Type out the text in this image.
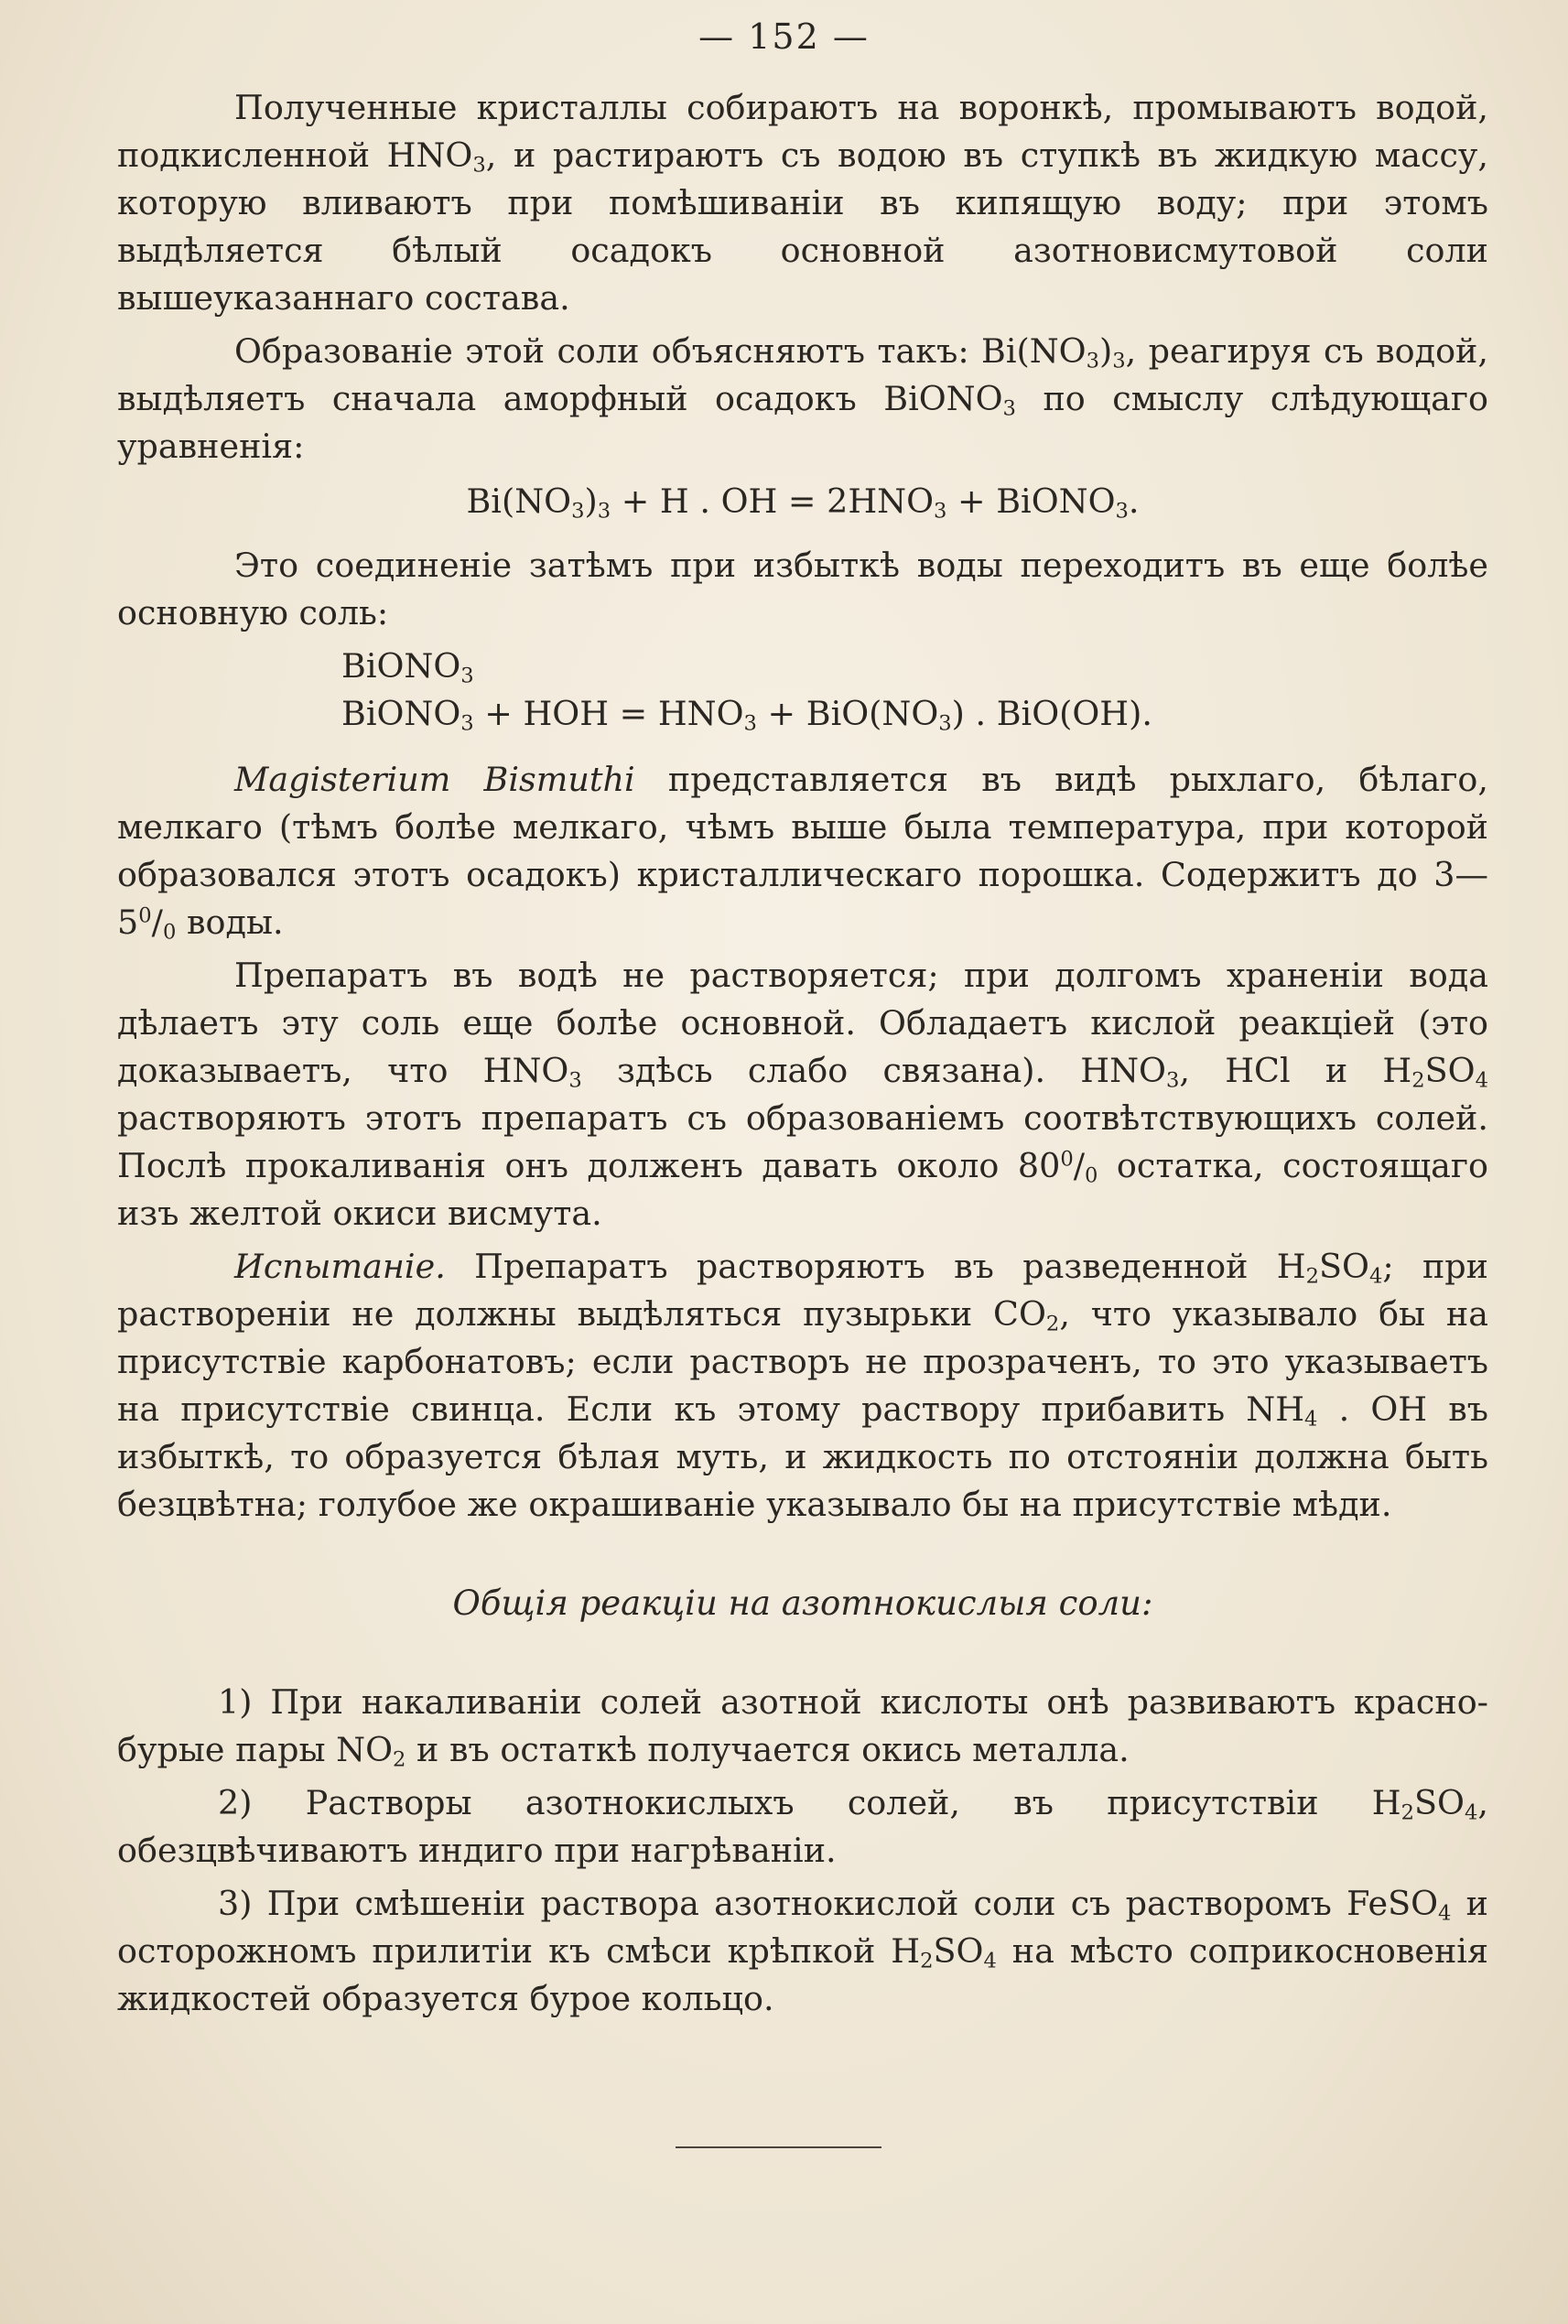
— 152 —

Полученные кристаллы собираютъ на воронкѣ, промываютъ водой, подкисленной $HNO_3$, и растираютъ съ водою въ ступкѣ въ жидкую массу, которую вливаютъ при помѣшиваніи въ кипящую воду; при этомъ выдѣляется бѣлый осадокъ основной азотновисмутовой соли вышеуказаннаго состава.

Образованіе этой соли объясняютъ такъ: $Bi(NO_3)_3$, реагируя съ водой, выдѣляетъ сначала аморфный осадокъ BiONO$_3$ по смыслу слѣдующаго уравненія:

$Bi(NO_3)_3 + H$ . OH = $2HNO_3$ + BiONO$_3$.

Это соединеніе затѣмъ при избыткѣ воды переходитъ въ еще болѣе основную соль:

BiONO$_3$
BiONO$_3$ + HOH = $HNO_3 + BiO(NO_3)$ . BiO(OH).

Magisterium Bismuthi представляется въ видѣ рыхлаго, бѣлаго, мелкаго (тѣмъ болѣе мелкаго, чѣмъ выше была температура, при которой образовался этотъ осадокъ) кристаллическаго порошка. Содержитъ до $3—5^0/_0$ воды.

Препаратъ въ водѣ не растворяется; при долгомъ храненіи вода дѣлаетъ эту соль еще болѣе основной. Обладаетъ кислой реакціей (это доказываетъ, что $HNO_3$ здѣсь слабо связана). $HNO_3$, HCl и $H_2SO_4$ растворяютъ этотъ препаратъ съ образованіемъ соотвѣтствующихъ солей. Послѣ прокаливанія онъ долженъ давать около $80^0/_0$ остатка, состоящаго изъ желтой окиси висмута.

Испытаніе. Препаратъ растворяютъ въ разведенной $H_2SO_4$; при растворенiи не должны выдѣляться пузырьки $CO_2$, что указывало бы на присутствіе карбонатовъ; если растворъ не прозраченъ, то это указываетъ на присутствіе свинца. Если къ этому раствору прибавить $NH_4$ . OH въ избыткѣ, то образуется бѣлая муть, и жидкость по отстояніи должна быть безцвѣтна; голубое же окрашиваніе указывало бы на присутствіе мѣди.

Общія реакціи на азотнокислыя соли:

1) При накаливаніи солей азотной кислоты онѣ развиваютъ красно-бурые пары $NO_2$ и въ остаткѣ получается окись металла.

2) Растворы азотнокислыхъ солей, въ присутствіи $H_2SO_4$, обезцвѣчиваютъ индиго при нагрѣваніи.

3) При смѣшеніи раствора азотнокислой соли съ растворомъ FeSO$_4$ и осторожномъ прилитіи къ смѣси крѣпкой $H_2SO_4$ на мѣсто соприкосновенія жидкостей образуется бурое кольцо.
